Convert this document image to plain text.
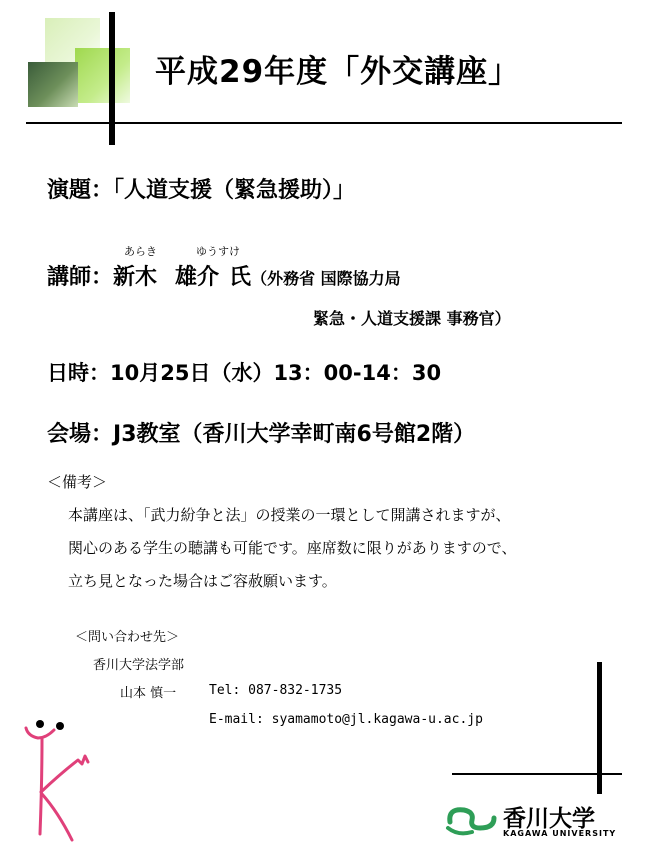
平成29年度「外交講座」
演題：「人道支援（緊急援助）」
あらき	ゆうすけ
講師：新木 雄介 氏（外務省 国際協力局
緊急・人道支援課 事務官）
日時：10月25日（水）13：00-14：30
会場：J3教室（香川大学幸町南6号館2階）
＜備考＞
本講座は、「武力紛争と法」の授業の一環として開講されますが、
関心のある学生の聴講も可能です。座席数に限りがありますので、
立ち見となった場合はご容赦願います。
＜問い合わせ先＞
香川大学法学部
山本 慎一	Tel: 087-832-1735
E-mail: syamamoto@jl.kagawa-u.ac.jp
香川大学
KAGAWA UNIVERSITY
